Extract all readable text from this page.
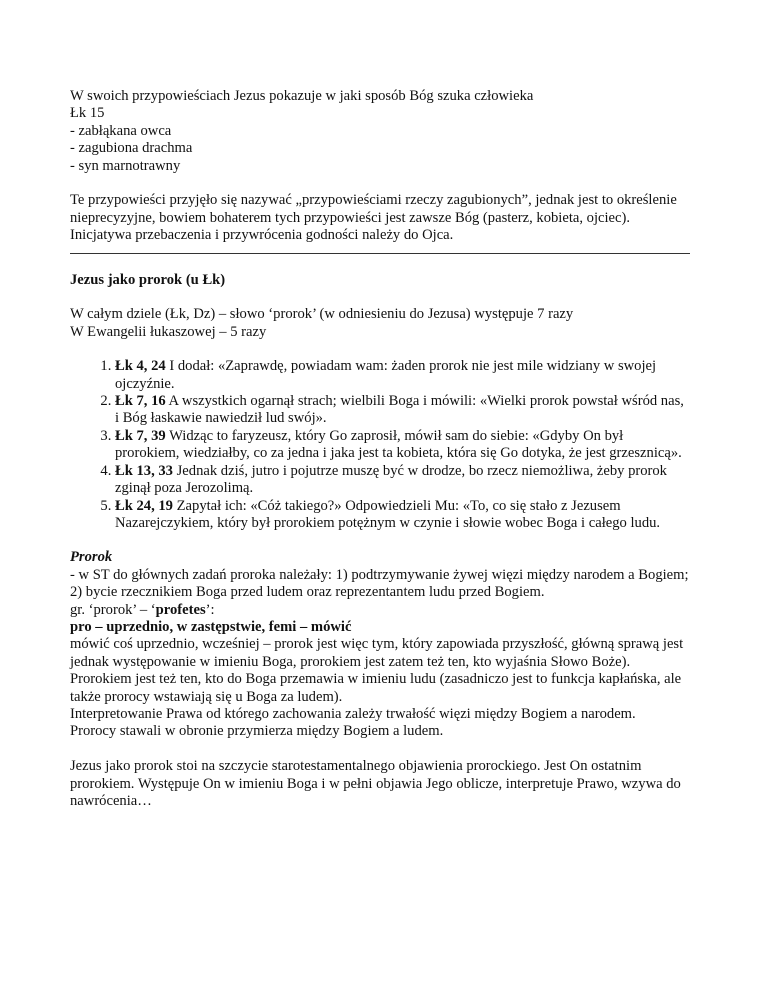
W swoich przypowieściach Jezus pokazuje w jaki sposób Bóg szuka człowieka
Łk 15
- zabłąkana owca
- zagubiona drachma
- syn marnotrawny
Te przypowieści przyjęło się nazywać „przypowieściami rzeczy zagubionych”, jednak jest to określenie nieprecyzyjne, bowiem bohaterem tych przypowieści jest zawsze Bóg (pasterz, kobieta, ojciec).
Inicjatywa przebaczenia i przywrócenia godności należy do Ojca.
Jezus jako prorok (u Łk)
W całym dziele (Łk, Dz) – słowo ‘prorok’ (w odniesieniu do Jezusa) występuje 7 razy
W Ewangelii łukaszowej – 5 razy
1. Łk 4, 24 I dodał: «Zaprawdę, powiadam wam: żaden prorok nie jest mile widziany w swojej ojczyźnie.
2. Łk 7, 16 A wszystkich ogarnął strach; wielbili Boga i mówili: «Wielki prorok powstał wśród nas, i Bóg łaskawie nawiedził lud swój».
3. Łk 7, 39 Widząc to faryzeusz, który Go zaprosił, mówił sam do siebie: «Gdyby On był prorokiem, wiedziałby, co za jedna i jaka jest ta kobieta, która się Go dotyka, że jest grzesznicą».
4. Łk 13, 33 Jednak dziś, jutro i pojutrze muszę być w drodze, bo rzecz niemożliwa, żeby prorok zginął poza Jerozolimą.
5. Łk 24, 19 Zapytał ich: «Cóż takiego?» Odpowiedzieli Mu: «To, co się stało z Jezusem Nazarejczykiem, który był prorokiem potężnym w czynie i słowie wobec Boga i całego ludu.
Prorok
- w ST do głównych zadań proroka należały: 1) podtrzymywanie żywej więzi między narodem a Bogiem; 2) bycie rzecznikiem Boga przed ludem oraz reprezentantem ludu przed Bogiem.
gr. ‘prorok’ – ‘profetes’:
pro – uprzednio, w zastępstwie, femi – mówić
mówić coś uprzednio, wcześniej – prorok jest więc tym, który zapowiada przyszłość, główną sprawą jest jednak występowanie w imieniu Boga, prorokiem jest zatem też ten, kto wyjaśnia Słowo Boże). Prorokiem jest też ten, kto do Boga przemawia w imieniu ludu (zasadniczo jest to funkcja kapłańska, ale także prorocy wstawiają się u Boga za ludem).
Interpretowanie Prawa od którego zachowania zależy trwałość więzi między Bogiem a narodem.
Prorocy stawali w obronie przymierza między Bogiem a ludem.
Jezus jako prorok stoi na szczycie starotestamentalnego objawienia prorockiego. Jest On ostatnim prorokiem. Występuje On w imieniu Boga i w pełni objawia Jego oblicze, interpretuje Prawo, wzywa do nawrócenia…
